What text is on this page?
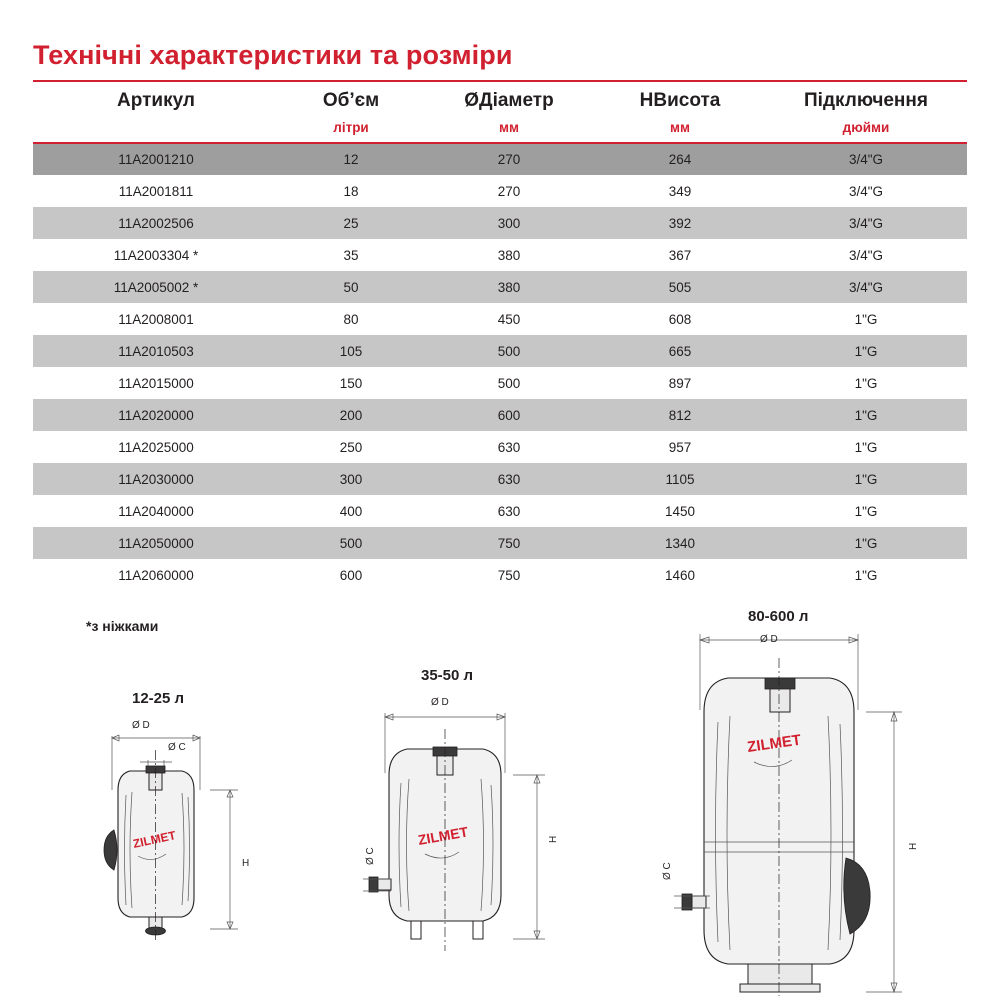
Технічні характеристики та розміри
Артикул	Об’єм	ØДіаметр	HВисота	Підключення
	літри	мм	мм	дюйми

11A2001210	12	270	264	3/4"G
11A2001811	18	270	349	3/4"G
11A2002506	25	300	392	3/4"G
11A2003304 *	35	380	367	3/4"G
11A2005002 *	50	380	505	3/4"G
11A2008001	80	450	608	1"G
11A2010503	105	500	665	1"G
11A2015000	150	500	897	1"G
11A2020000	200	600	812	1"G
11A2025000	250	630	957	1"G
11A2030000	300	630	1105	1"G
11A2040000	400	630	1450	1"G
11A2050000	500	750	1340	1"G
11A2060000	600	750	1460	1"G
*з ніжками
12-25 л
Ø D
Ø C
H
ZILMET
35-50 л
Ø D
Ø C
H
ZILMET
80-600 л
Ø D
Ø C
H
ZILMET
